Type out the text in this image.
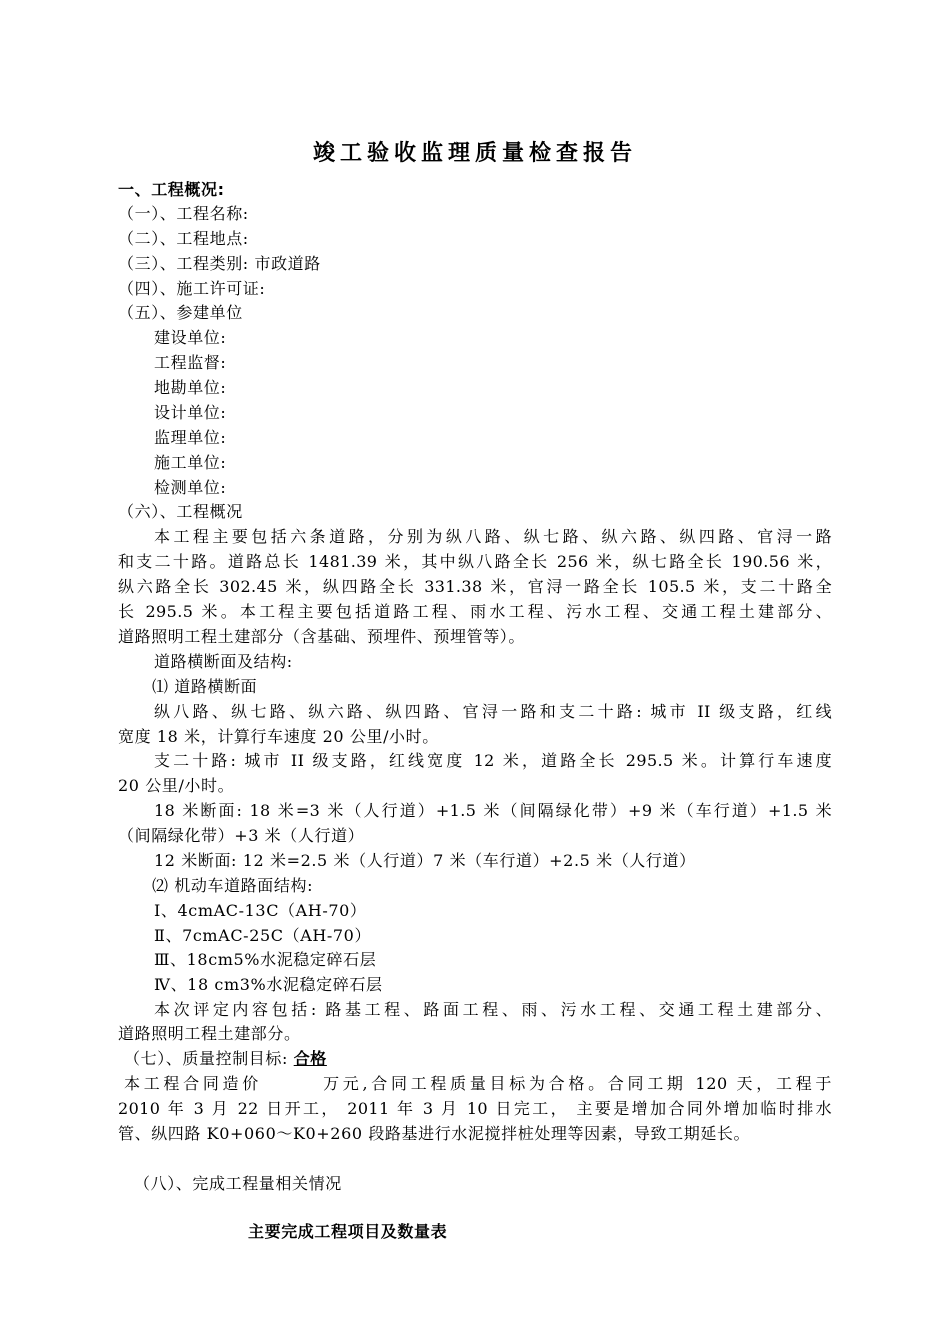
竣工验收监理质量检查报告
一、工程概况:
（一）、工程名称:
（二）、工程地点:
（三）、工程类别: 市政道路
（四）、施工许可证:
（五）、参建单位
建设单位:
工程监督:
地勘单位:
设计单位:
监理单位:
施工单位:
检测单位:
（六）、工程概况
本工程主要包括六条道路，分别为纵八路、纵七路、纵六路、纵四路、官浔一路
和支二十路。道路总长 1481.39 米，其中纵八路全长 256 米，纵七路全长 190.56 米，
纵六路全长 302.45 米，纵四路全长 331.38 米，官浔一路全长 105.5 米，支二十路全
长 295.5 米。本工程主要包括道路工程、雨水工程、污水工程、交通工程土建部分、
道路照明工程土建部分（含基础、预埋件、预埋管等）。
道路横断面及结构:
⑴ 道路横断面
纵八路、纵七路、纵六路、纵四路、官浔一路和支二十路: 城市 II 级支路，红线
宽度 18 米，计算行车速度 20 公里/小时。
支二十路: 城市 II 级支路，红线宽度 12 米，道路全长 295.5 米。计算行车速度
20 公里/小时。
18 米断面: 18 米=3 米（人行道）+1.5 米（间隔绿化带）+9 米（车行道）+1.5 米
（间隔绿化带）+3 米（人行道）
12 米断面: 12 米=2.5 米（人行道）7 米（车行道）+2.5 米（人行道）
⑵ 机动车道路面结构:
Ⅰ、4cmAC-13C（AH-70）
Ⅱ、7cmAC-25C（AH-70）
Ⅲ、18cm5%水泥稳定碎石层
Ⅳ、18 cm3%水泥稳定碎石层
本次评定内容包括: 路基工程、路面工程、雨、污水工程、交通工程土建部分、
道路照明工程土建部分。
（七）、质量控制目标: 合格
本工程合同造价	万元,合同工程质量目标为合格。合同工期 120 天，工程于
2010 年 3 月 22 日开工， 2011 年 3 月 10 日完工， 主要是增加合同外增加临时排水
管、纵四路 K0+060～K0+260 段路基进行水泥搅拌桩处理等因素，导致工期延长。
（八）、完成工程量相关情况
主要完成工程项目及数量表
